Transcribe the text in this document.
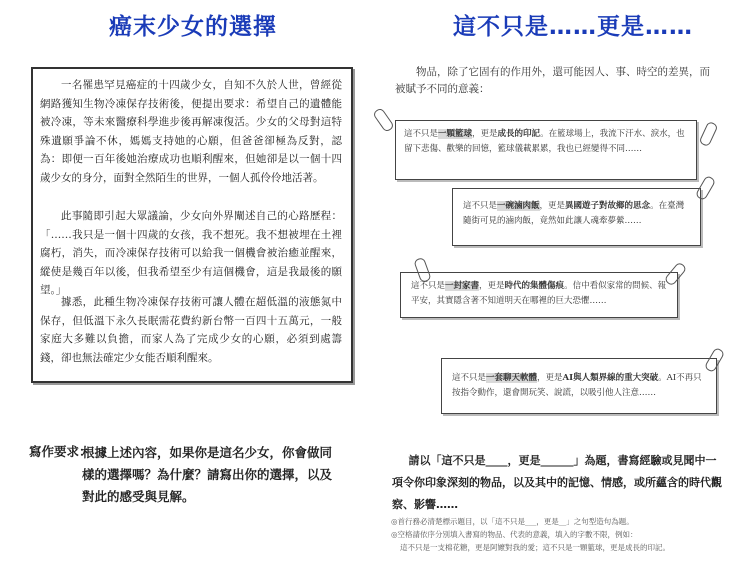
癌末少女的選擇

一名罹患罕見癌症的十四歲少女，自知不久於人世，曾經從網路獲知生物冷凍保存技術後，便提出要求：希望自己的遺體能被冷凍，等未來醫療科學進步後再解凍復活。少女的父母對這特殊遺願爭論不休，媽媽支持她的心願，但爸爸卻極為反對，認為：即便一百年後她治療成功也順利醒來，但她卻是以一個十四歲少女的身分，面對全然陌生的世界，一個人孤伶伶地活著。

此事隨即引起大眾議論，少女向外界闡述自己的心路歷程：「……我只是一個十四歲的女孩，我不想死。我不想被埋在土裡腐朽，消失，而冷凍保存技術可以給我一個機會被治癒並醒來，縱使是幾百年以後，但我希望至少有這個機會，這是我最後的願望。」

據悉，此種生物冷凍保存技術可讓人體在超低溫的液態氮中保存，但低溫下永久長眠需花費約新台幣一百四十五萬元，一般家庭大多難以負擔，而家人為了完成少女的心願，必須到處籌錢，卻也無法確定少女能否順利醒來。

寫作要求：
根據上述內容，如果你是這名少女，你會做同樣的選擇嗎？為什麼？請寫出你的選擇，以及對此的感受與見解。
這不只是……更是……
物品，除了它固有的作用外，還可能因人、事、時空的差異，而被賦予不同的意義：
這不只是一顆籃球，更是成長的印記。在籃球場上，我流下汗水、淚水，也留下悲傷、歡樂的回憶，籃球儀載累累，我也已經變得不同……
這不只是一碗滷肉飯，更是異國遊子對故鄉的思念。在臺灣隨街可見的滷肉飯，竟然如此讓人魂牽夢縈……
這不只是一封家書，更是時代的集體傷痕。信中看似家常的問候、報平安，其實隱含著不知道明天在哪裡的巨大恐懼……
這不只是一套聊天軟體，更是AI與人類界線的重大突破。AI不再只按指令動作，還會開玩笑、說謊，以吸引他人注意……
請以「這不只是____，更是______」為題，書寫經驗或見聞中一項令你印象深刻的物品，以及其中的記憶、情感，或所蘊含的時代觀察、影響……
◎首行務必清楚標示題目，以「這不只是___，更是__」之句型造句為題。
◎空格請依序分別填入書寫的物品、代表的意義，填入的字數不限，例如：
這不只是一支棉花糖，更是阿嬤對我的愛；這不只是一顆籃球，更是成長的印記。
